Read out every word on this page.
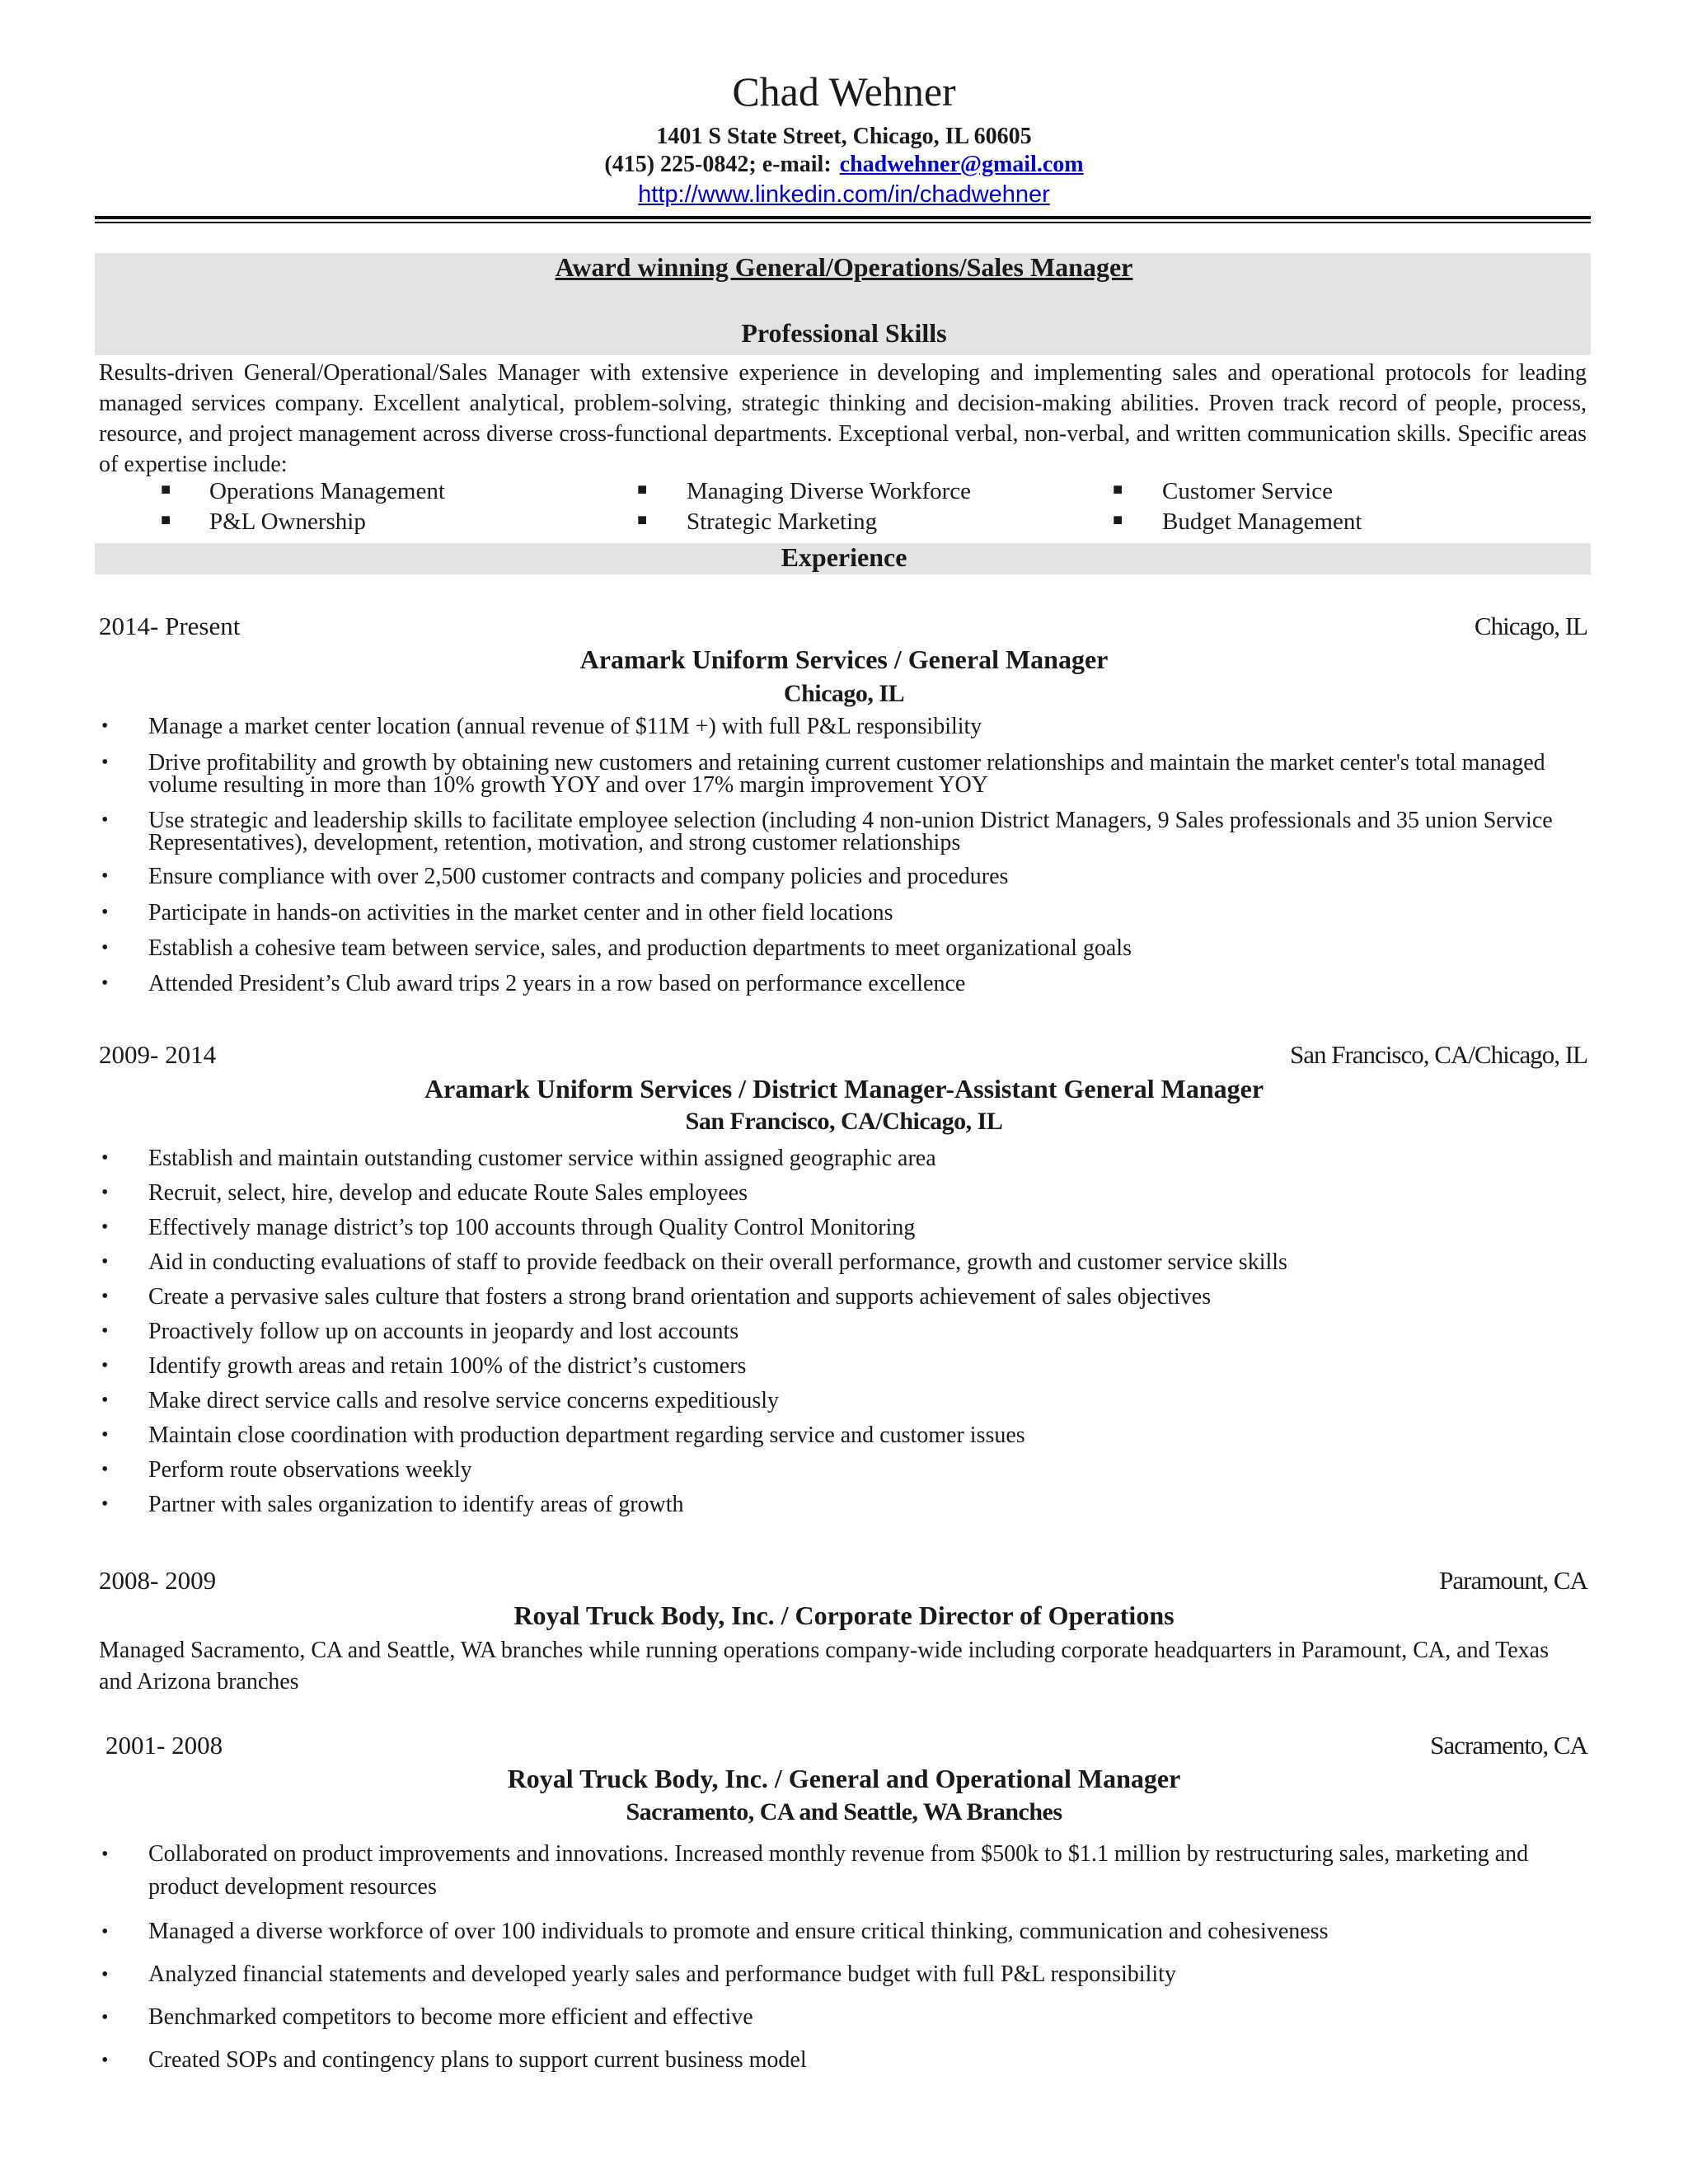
Chad Wehner
1401 S State Street, Chicago, IL 60605
(415) 225-0842; e-mail: chadwehner@gmail.com
http://www.linkedin.com/in/chadwehner
Award winning General/Operations/Sales Manager
Professional Skills
Results-driven General/Operational/Sales Manager with extensive experience in developing and implementing sales and operational protocols for leading managed services company. Excellent analytical, problem-solving, strategic thinking and decision-making abilities. Proven track record of people, process, resource, and project management across diverse cross-functional departments. Exceptional verbal, non-verbal, and written communication skills. Specific areas of expertise include:
■ Operations Management	■ Managing Diverse Workforce	■ Customer Service
■ P&L Ownership	■ Strategic Marketing	■ Budget Management
Experience
2014- Present	Chicago, IL
Aramark Uniform Services / General Manager
Chicago, IL
• Manage a market center location (annual revenue of $11M +) with full P&L responsibility
• Drive profitability and growth by obtaining new customers and retaining current customer relationships and maintain the market center's total managed volume resulting in more than 10% growth YOY and over 17% margin improvement YOY
• Use strategic and leadership skills to facilitate employee selection (including 4 non-union District Managers, 9 Sales professionals and 35 union Service Representatives), development, retention, motivation, and strong customer relationships
• Ensure compliance with over 2,500 customer contracts and company policies and procedures
• Participate in hands-on activities in the market center and in other field locations
• Establish a cohesive team between service, sales, and production departments to meet organizational goals
• Attended President’s Club award trips 2 years in a row based on performance excellence
2009- 2014	San Francisco, CA/Chicago, IL
Aramark Uniform Services / District Manager-Assistant General Manager
San Francisco, CA/Chicago, IL
• Establish and maintain outstanding customer service within assigned geographic area
• Recruit, select, hire, develop and educate Route Sales employees
• Effectively manage district’s top 100 accounts through Quality Control Monitoring
• Aid in conducting evaluations of staff to provide feedback on their overall performance, growth and customer service skills
• Create a pervasive sales culture that fosters a strong brand orientation and supports achievement of sales objectives
• Proactively follow up on accounts in jeopardy and lost accounts
• Identify growth areas and retain 100% of the district’s customers
• Make direct service calls and resolve service concerns expeditiously
• Maintain close coordination with production department regarding service and customer issues
• Perform route observations weekly
• Partner with sales organization to identify areas of growth
2008- 2009	Paramount, CA
Royal Truck Body, Inc. / Corporate Director of Operations
Managed Sacramento, CA and Seattle, WA branches while running operations company-wide including corporate headquarters in Paramount, CA, and Texas and Arizona branches
2001- 2008	Sacramento, CA
Royal Truck Body, Inc. / General and Operational Manager
Sacramento, CA and Seattle, WA Branches
• Collaborated on product improvements and innovations. Increased monthly revenue from $500k to $1.1 million by restructuring sales, marketing and product development resources
• Managed a diverse workforce of over 100 individuals to promote and ensure critical thinking, communication and cohesiveness
• Analyzed financial statements and developed yearly sales and performance budget with full P&L responsibility
• Benchmarked competitors to become more efficient and effective
• Created SOPs and contingency plans to support current business model
